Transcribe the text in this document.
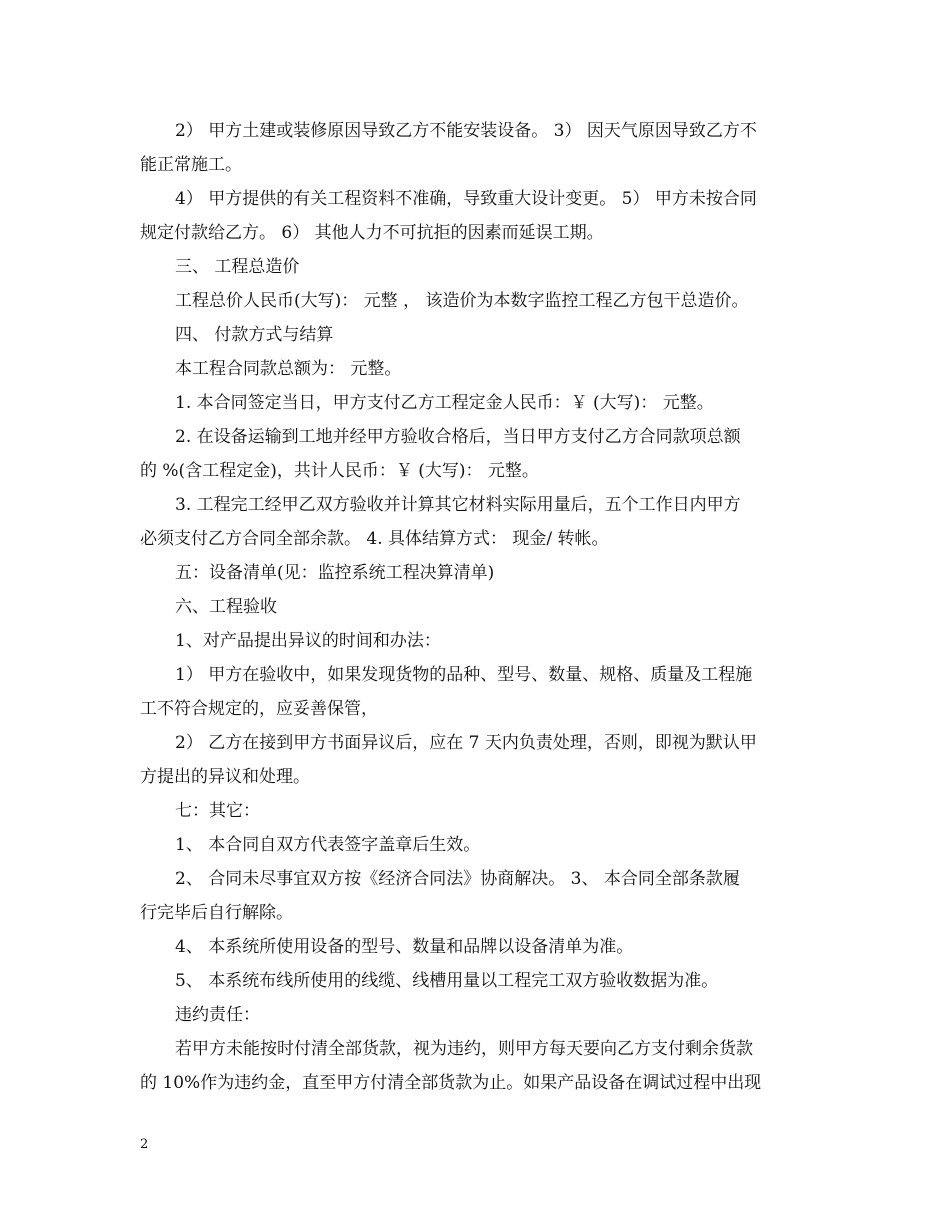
2） 甲方土建或装修原因导致乙方不能安装设备。 3） 因天气原因导致乙方不
能正常施工。

4） 甲方提供的有关工程资料不准确，导致重大设计变更。 5） 甲方未按合同
规定付款给乙方。 6） 其他人力不可抗拒的因素而延误工期。

三、 工程总造价

工程总价人民币(大写)： 元整 ， 该造价为本数字监控工程乙方包干总造价。

四、 付款方式与结算

本工程合同款总额为： 元整。

1. 本合同签定当日，甲方支付乙方工程定金人民币：￥ (大写)： 元整。

2. 在设备运输到工地并经甲方验收合格后，当日甲方支付乙方合同款项总额
的 %(含工程定金)，共计人民币：￥ (大写)： 元整。

3. 工程完工经甲乙双方验收并计算其它材料实际用量后，五个工作日内甲方
必须支付乙方合同全部余款。 4. 具体结算方式： 现金/ 转帐。

五：设备清单(见：监控系统工程决算清单)

六、工程验收

1、对产品提出异议的时间和办法：

1） 甲方在验收中，如果发现货物的品种、型号、数量、规格、质量及工程施
工不符合规定的，应妥善保管，

2） 乙方在接到甲方书面异议后，应在 7 天内负责处理，否则，即视为默认甲
方提出的异议和处理。

七：其它：

1、 本合同自双方代表签字盖章后生效。

2、 合同未尽事宜双方按《经济合同法》协商解决。 3、 本合同全部条款履
行完毕后自行解除。

4、 本系统所使用设备的型号、数量和品牌以设备清单为准。

5、 本系统布线所使用的线缆、线槽用量以工程完工双方验收数据为准。

违约责任：

若甲方未能按时付清全部货款，视为违约，则甲方每天要向乙方支付剩余货款
的 10%作为违约金，直至甲方付清全部货款为止。如果产品设备在调试过程中出现

2
